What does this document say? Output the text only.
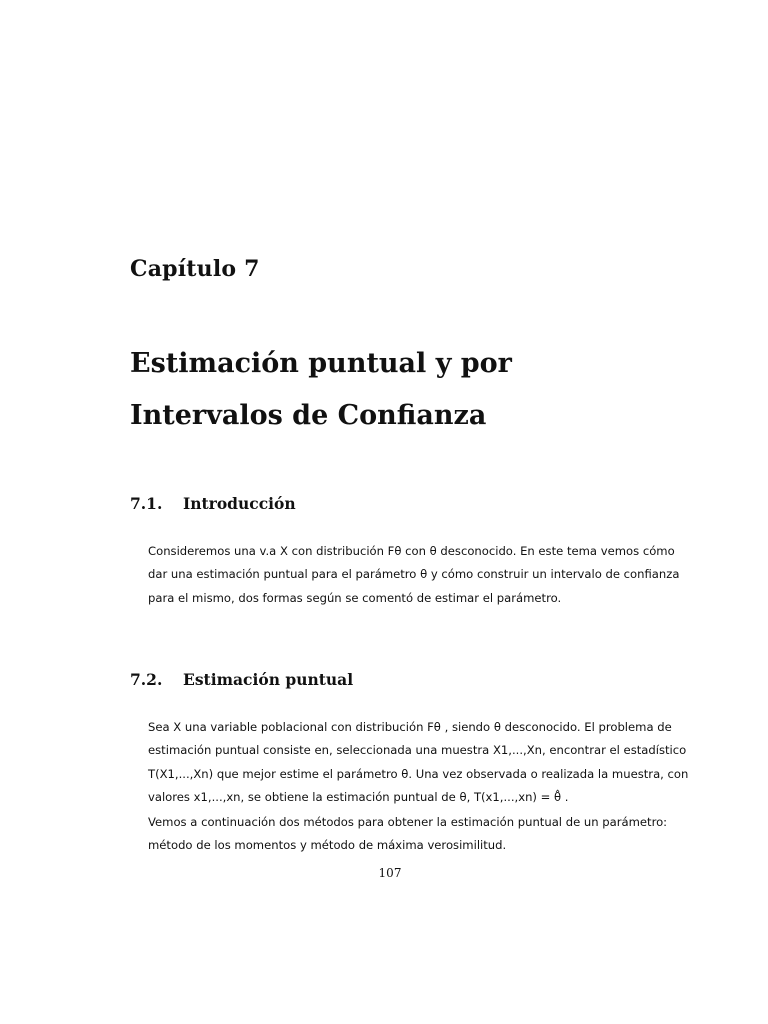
Capítulo 7
Estimación puntual y por
Intervalos de Confianza
7.1. Introducción
Consideremos una v.a X con distribución Fθ con θ desconocido. En este tema vemos cómo
dar una estimación puntual para el parámetro θ y cómo construir un intervalo de confianza
para el mismo, dos formas según se comentó de estimar el parámetro.
7.2. Estimación puntual
Sea X una variable poblacional con distribución Fθ , siendo θ desconocido. El problema de
estimación puntual consiste en, seleccionada una muestra X1,...,Xn, encontrar el estadístico
T(X1,...,Xn) que mejor estime el parámetro θ. Una vez observada o realizada la muestra, con
valores x1,...,xn, se obtiene la estimación puntual de θ, T(x1,...,xn) = θ̂ .
Vemos a continuación dos métodos para obtener la estimación puntual de un parámetro:
método de los momentos y método de máxima verosimilitud.

107
